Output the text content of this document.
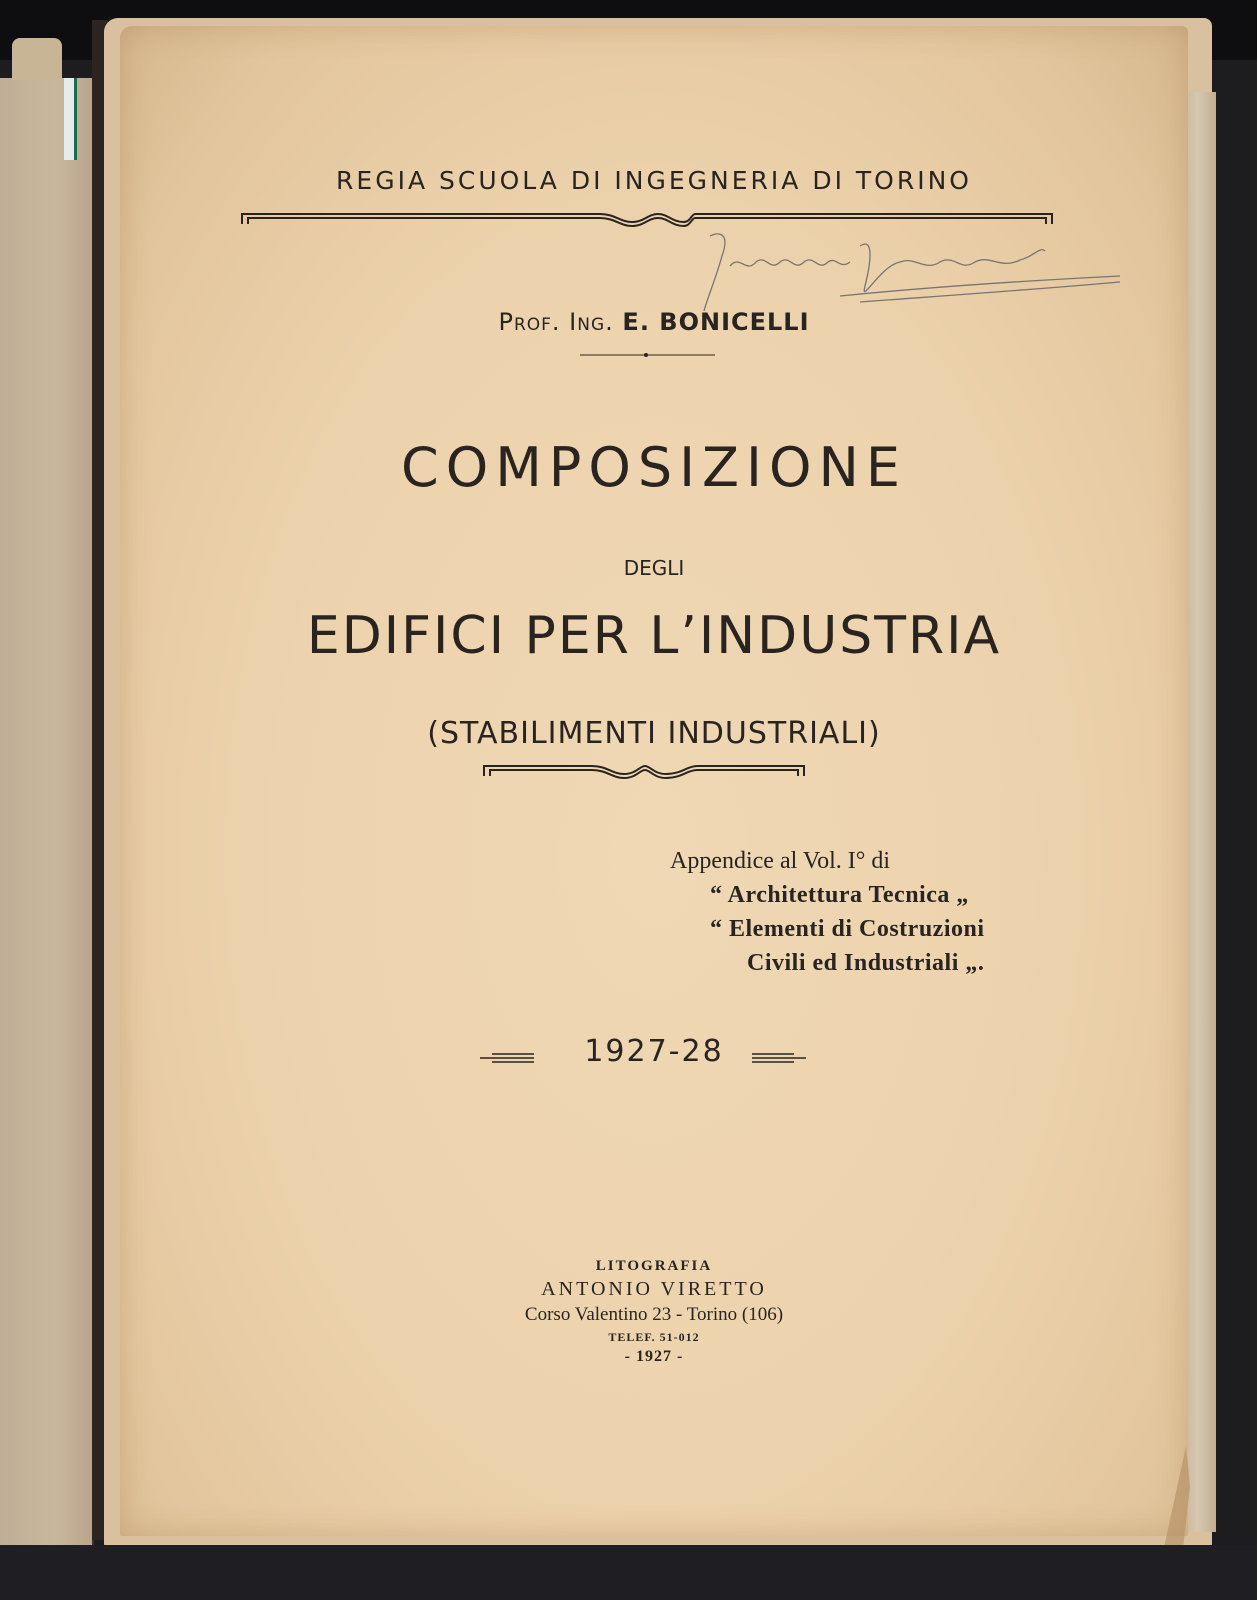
REGIA SCUOLA DI INGEGNERIA DI TORINO
Prof. Ing. E. BONICELLI
COMPOSIZIONE
DEGLI
EDIFICI PER L’INDUSTRIA
(STABILIMENTI INDUSTRIALI)
Appendice al Vol. I° di
“ Architettura Tecnica „
“ Elementi di Costruzioni
Civili ed Industriali „.
1927-28
LITOGRAFIA
ANTONIO VIRETTO
Corso Valentino 23 - Torino (106)
TELEF. 51-012
- 1927 -
